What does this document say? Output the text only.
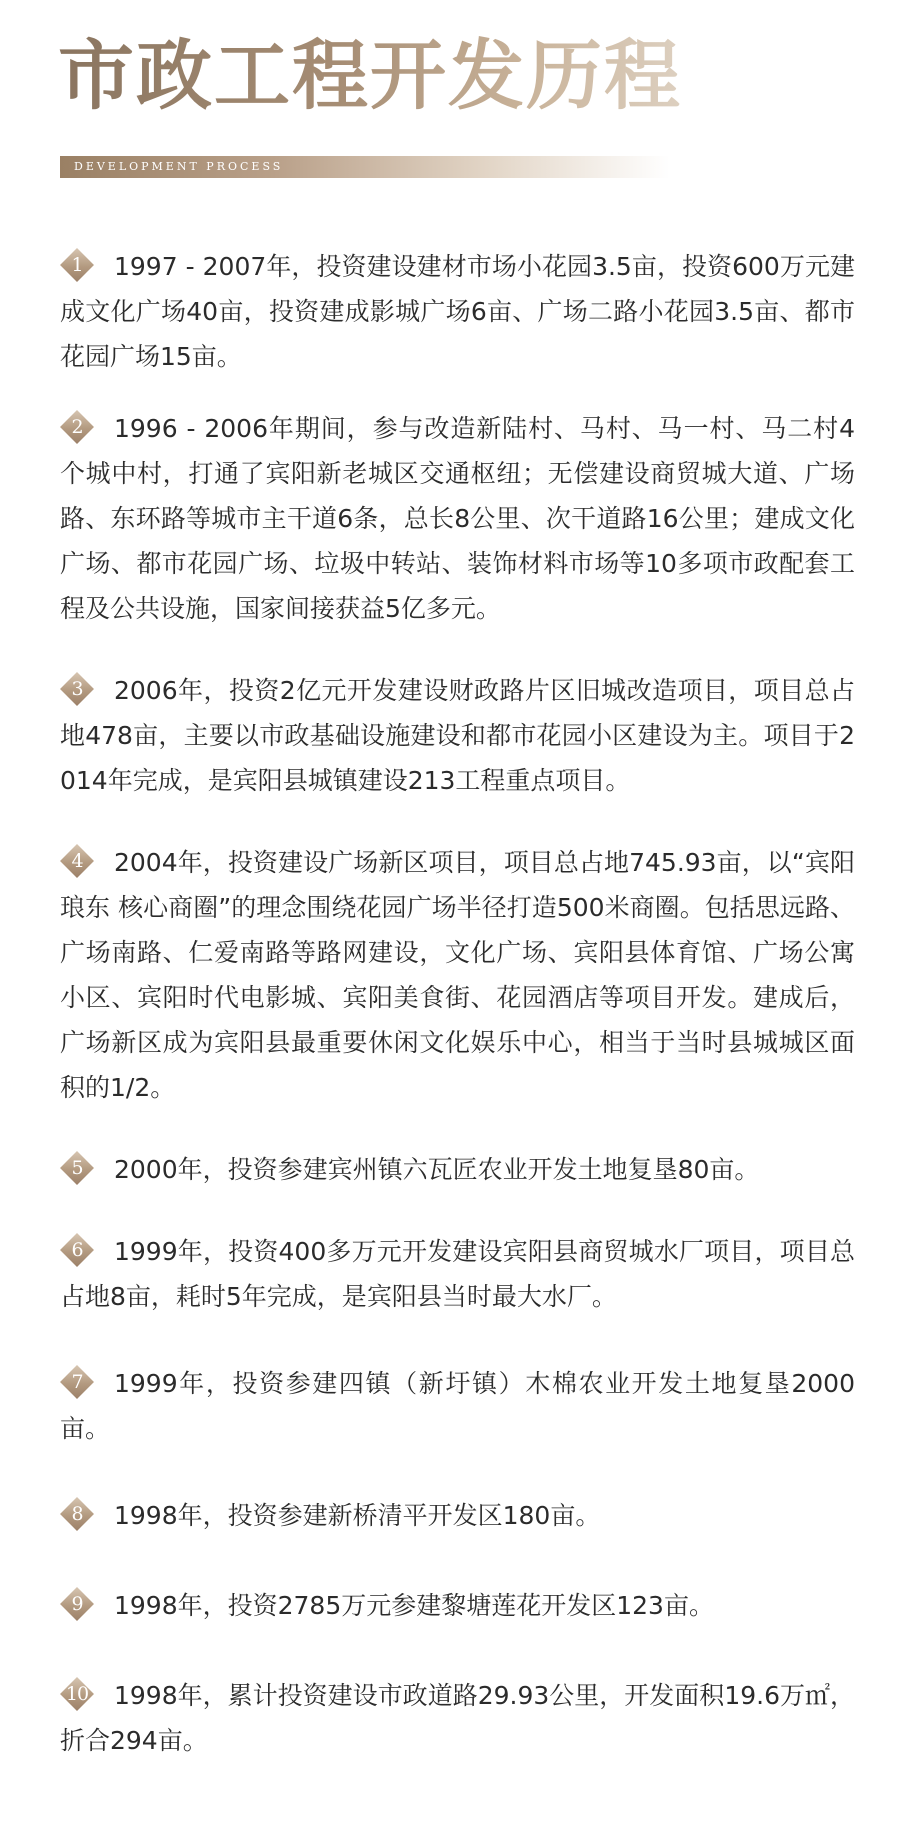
市政工程开发历程
DEVELOPMENT PROCESS

1	1997 - 2007年，投资建设建材市场小花园3.5亩，投资600万元建成文化广场40亩，投资建成影城广场6亩、广场二路小花园3.5亩、都市花园广场15亩。

2	1996 - 2006年期间，参与改造新陆村、马村、马一村、马二村4个城中村，打通了宾阳新老城区交通枢纽；无偿建设商贸城大道、广场路、东环路等城市主干道6条，总长8公里、次干道路16公里；建成文化广场、都市花园广场、垃圾中转站、装饰材料市场等10多项市政配套工程及公共设施，国家间接获益5亿多元。

3	2006年，投资2亿元开发建设财政路片区旧城改造项目，项目总占地478亩，主要以市政基础设施建设和都市花园小区建设为主。项目于2014年完成，是宾阳县城镇建设213工程重点项目。

4	2004年，投资建设广场新区项目，项目总占地745.93亩，以“宾阳琅东 核心商圈”的理念围绕花园广场半径打造500米商圈。包括思远路、广场南路、仁爱南路等路网建设，文化广场、宾阳县体育馆、广场公寓小区、宾阳时代电影城、宾阳美食街、花园酒店等项目开发。建成后，广场新区成为宾阳县最重要休闲文化娱乐中心，相当于当时县城城区面积的1/2。

5	2000年，投资参建宾州镇六瓦匠农业开发土地复垦80亩。

6	1999年，投资400多万元开发建设宾阳县商贸城水厂项目，项目总占地8亩，耗时5年完成，是宾阳县当时最大水厂。

7	1999年，投资参建四镇（新圩镇）木棉农业开发土地复垦2000亩。

8	1998年，投资参建新桥清平开发区180亩。

9	1998年，投资2785万元参建黎塘莲花开发区123亩。

10 1998年，累计投资建设市政道路29.93公里，开发面积19.6万㎡，折合294亩。
